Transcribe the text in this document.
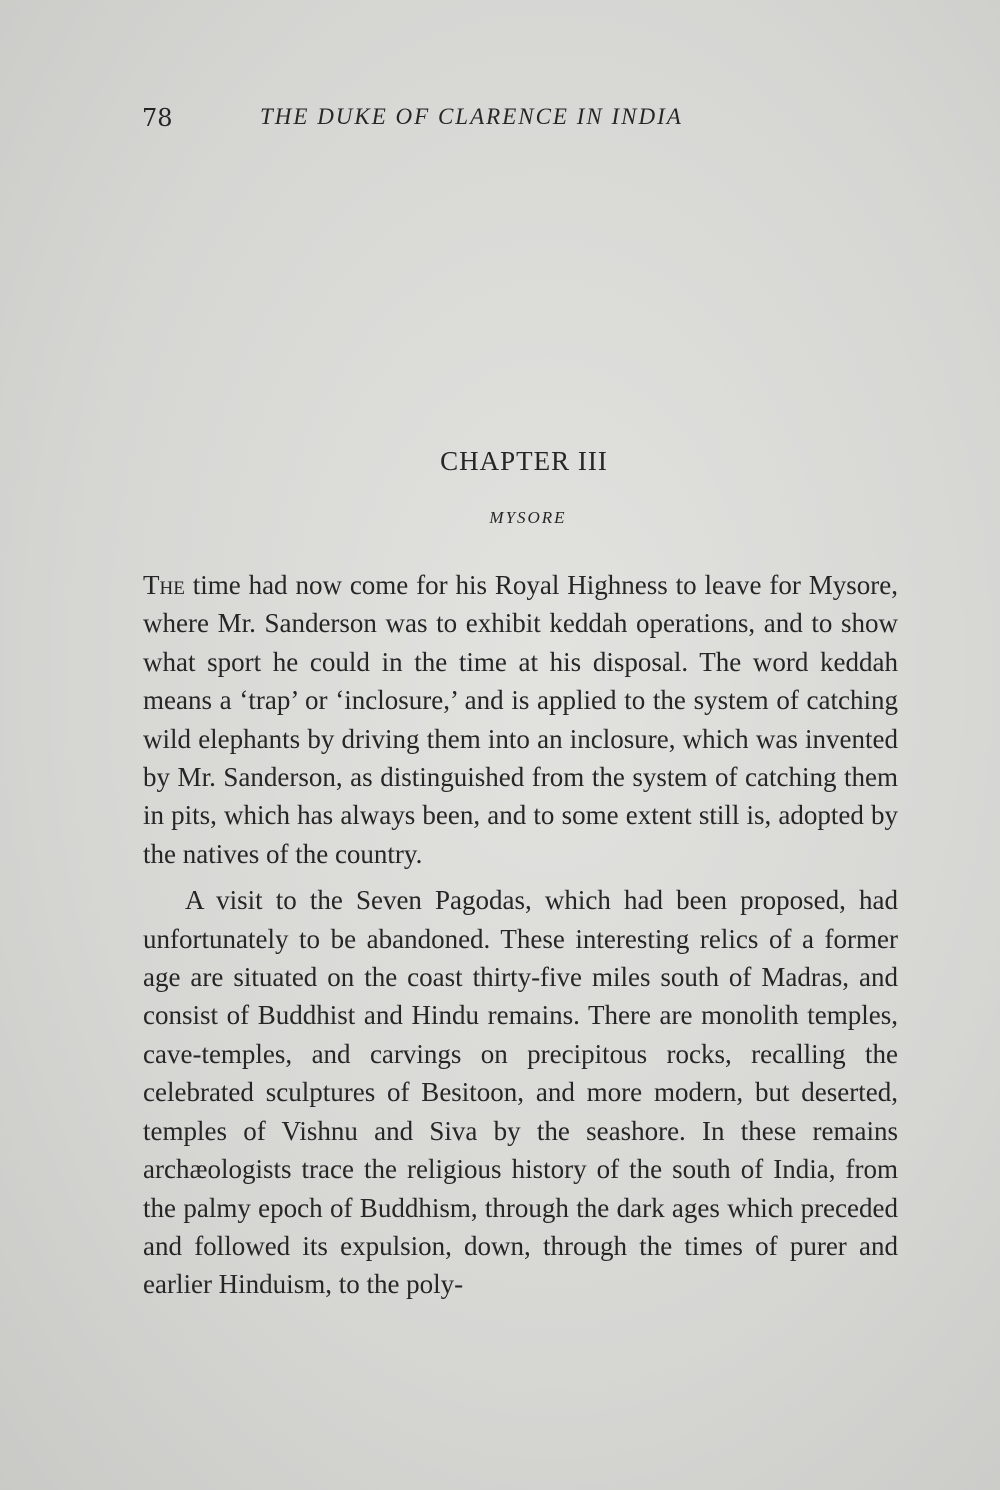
78	THE DUKE OF CLARENCE IN INDIA
CHAPTER III
MYSORE

The time had now come for his Royal Highness to leave for Mysore, where Mr. Sanderson was to exhibit keddah operations, and to show what sport he could in the time at his disposal. The word keddah means a ‘trap’ or ‘inclosure,’ and is applied to the system of catching wild elephants by driving them into an inclosure, which was invented by Mr. Sanderson, as distinguished from the system of catching them in pits, which has always been, and to some extent still is, adopted by the natives of the country.

A visit to the Seven Pagodas, which had been proposed, had unfortunately to be abandoned. These interesting relics of a former age are situated on the coast thirty-five miles south of Madras, and consist of Buddhist and Hindu remains. There are monolith temples, cave-temples, and carvings on precipitous rocks, recalling the celebrated sculptures of Besitoon, and more modern, but deserted, temples of Vishnu and Siva by the seashore. In these remains archæologists trace the religious history of the south of India, from the palmy epoch of Buddhism, through the dark ages which preceded and followed its expulsion, down, through the times of purer and earlier Hinduism, to the poly-
